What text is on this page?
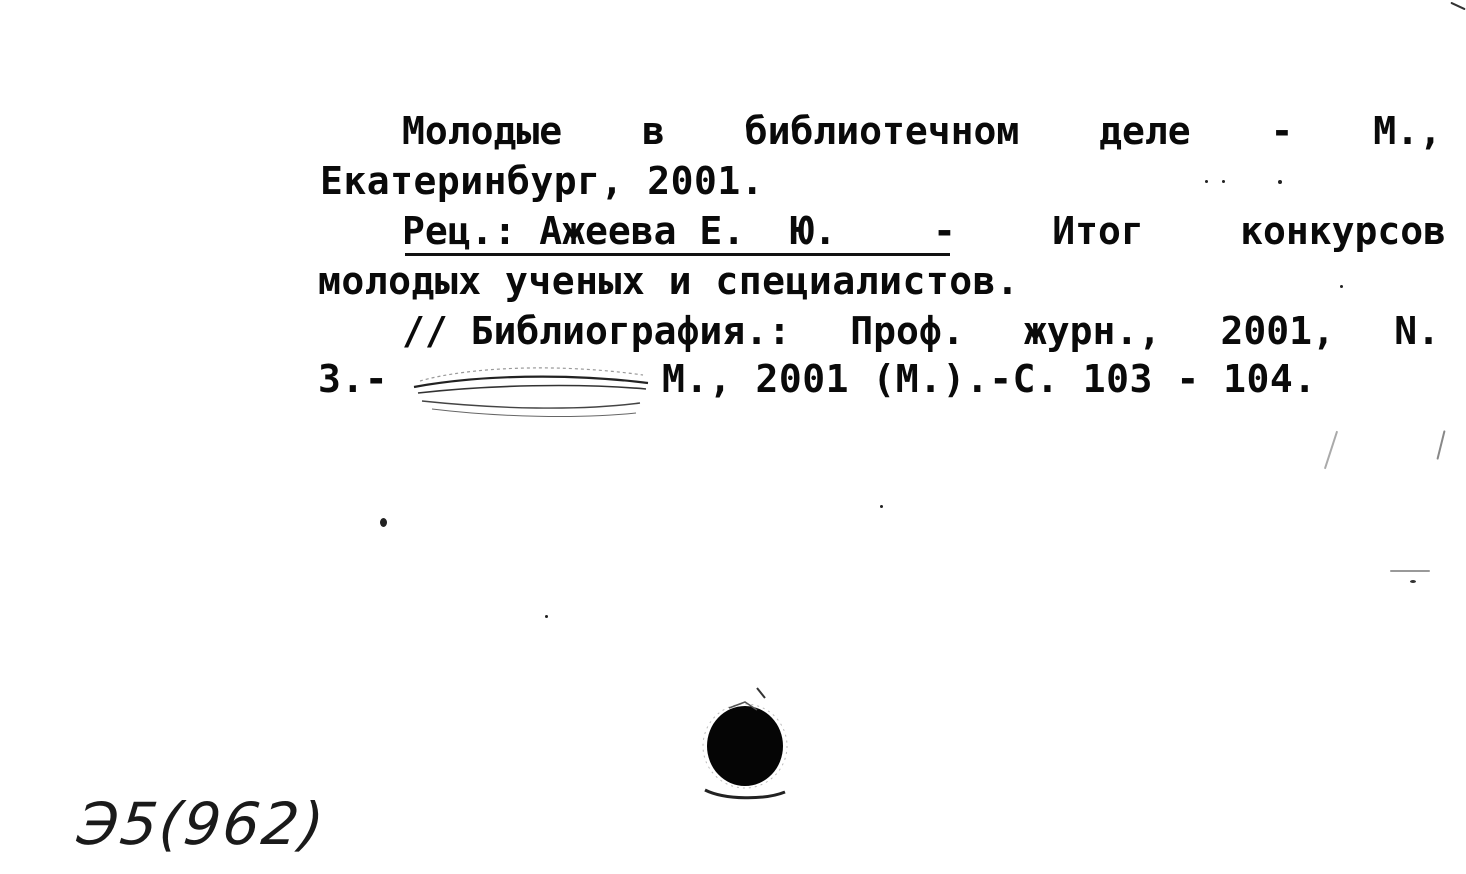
Молодые в библиотечном деле - М.,
Екатеринбург, 2001.
Рец.: Ажеева Е.  Ю.	-	Итог	конкурсов
молодых ученых и специалистов.
// Библиография.: Проф. журн., 2001, N.
3.-	М., 2001 (М.).-С. 103 - 104.
Э5(962)
